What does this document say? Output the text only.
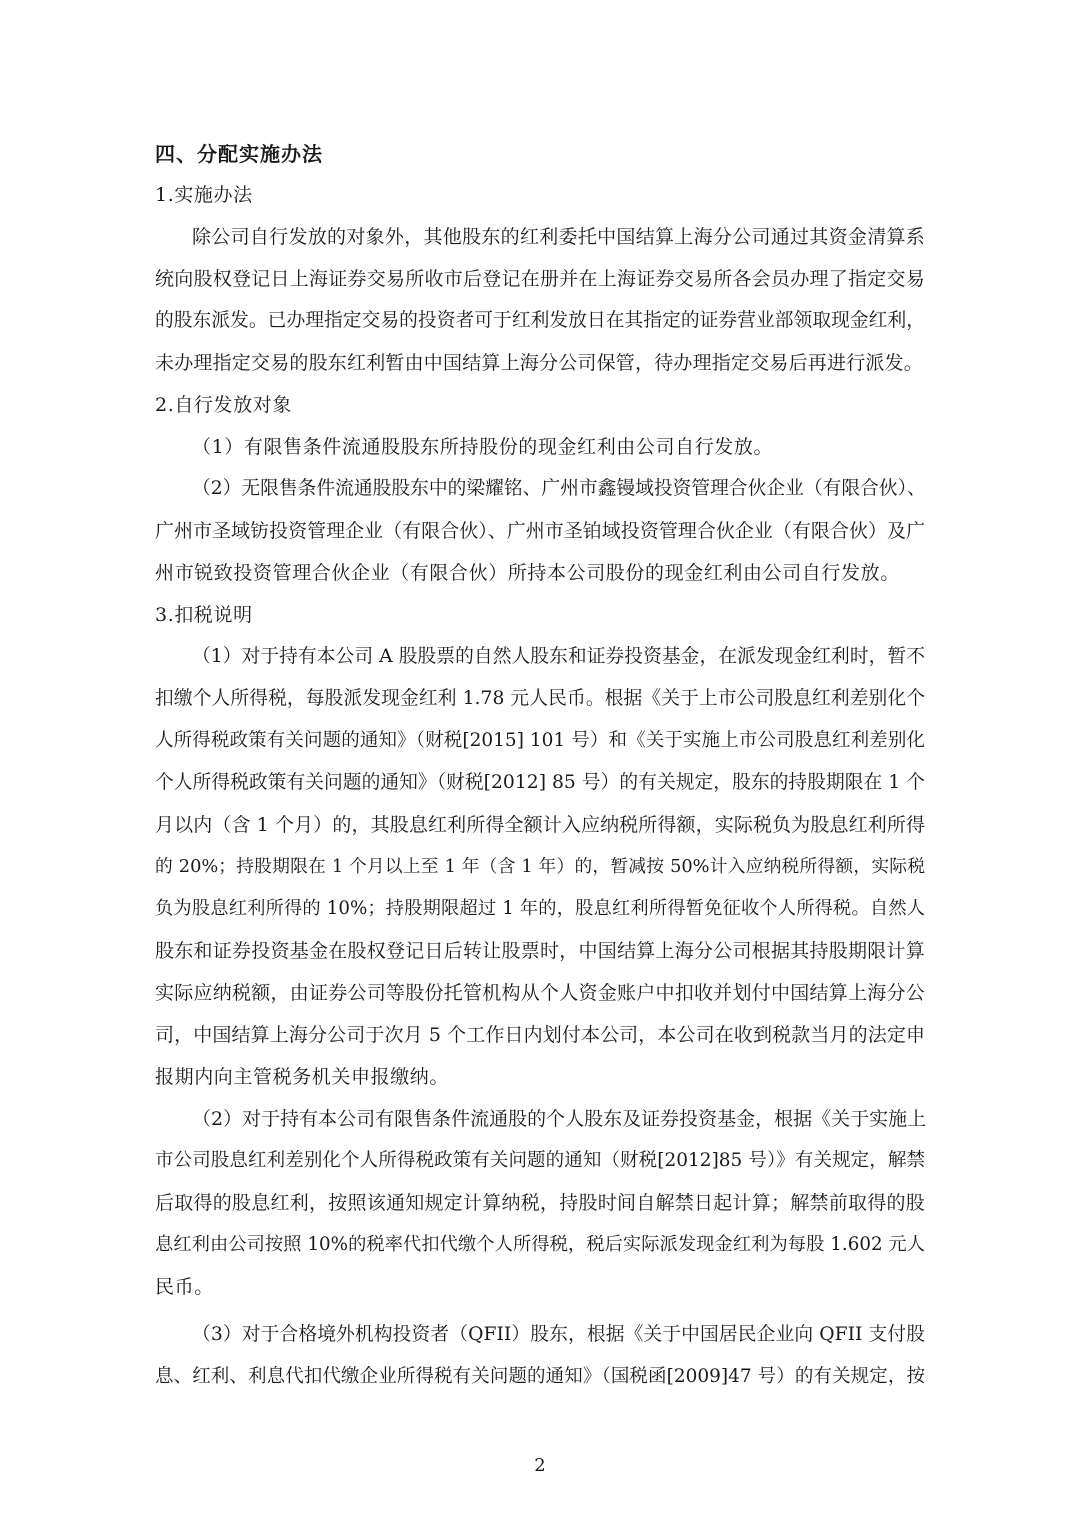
四、分配实施办法
1.实施办法
除公司自行发放的对象外，其他股东的红利委托中国结算上海分公司通过其资金清算系
统向股权登记日上海证券交易所收市后登记在册并在上海证券交易所各会员办理了指定交易
的股东派发。已办理指定交易的投资者可于红利发放日在其指定的证券营业部领取现金红利，
未办理指定交易的股东红利暂由中国结算上海分公司保管，待办理指定交易后再进行派发。
2.自行发放对象
（1）有限售条件流通股股东所持股份的现金红利由公司自行发放。
（2）无限售条件流通股股东中的梁耀铭、广州市鑫镘域投资管理合伙企业（有限合伙）、
广州市圣域钫投资管理企业（有限合伙）、广州市圣铂域投资管理合伙企业（有限合伙）及广
州市锐致投资管理合伙企业（有限合伙）所持本公司股份的现金红利由公司自行发放。
3.扣税说明
（1）对于持有本公司 A 股股票的自然人股东和证券投资基金，在派发现金红利时，暂不
扣缴个人所得税，每股派发现金红利 1.78 元人民币。根据《关于上市公司股息红利差别化个
人所得税政策有关问题的通知》（财税[2015] 101 号）和《关于实施上市公司股息红利差别化
个人所得税政策有关问题的通知》（财税[2012] 85 号）的有关规定，股东的持股期限在 1 个
月以内（含 1 个月）的，其股息红利所得全额计入应纳税所得额，实际税负为股息红利所得
的 20%；持股期限在 1 个月以上至 1 年（含 1 年）的，暂减按 50%计入应纳税所得额，实际税
负为股息红利所得的 10%；持股期限超过 1 年的，股息红利所得暂免征收个人所得税。自然人
股东和证券投资基金在股权登记日后转让股票时，中国结算上海分公司根据其持股期限计算
实际应纳税额，由证券公司等股份托管机构从个人资金账户中扣收并划付中国结算上海分公
司，中国结算上海分公司于次月 5 个工作日内划付本公司，本公司在收到税款当月的法定申
报期内向主管税务机关申报缴纳。
（2）对于持有本公司有限售条件流通股的个人股东及证券投资基金，根据《关于实施上
市公司股息红利差别化个人所得税政策有关问题的通知（财税[2012]85 号）》有关规定，解禁
后取得的股息红利，按照该通知规定计算纳税，持股时间自解禁日起计算；解禁前取得的股
息红利由公司按照 10%的税率代扣代缴个人所得税，税后实际派发现金红利为每股 1.602 元人
民币。
（3）对于合格境外机构投资者（QFII）股东，根据《关于中国居民企业向 QFII 支付股
息、红利、利息代扣代缴企业所得税有关问题的通知》（国税函[2009]47 号）的有关规定，按
2
